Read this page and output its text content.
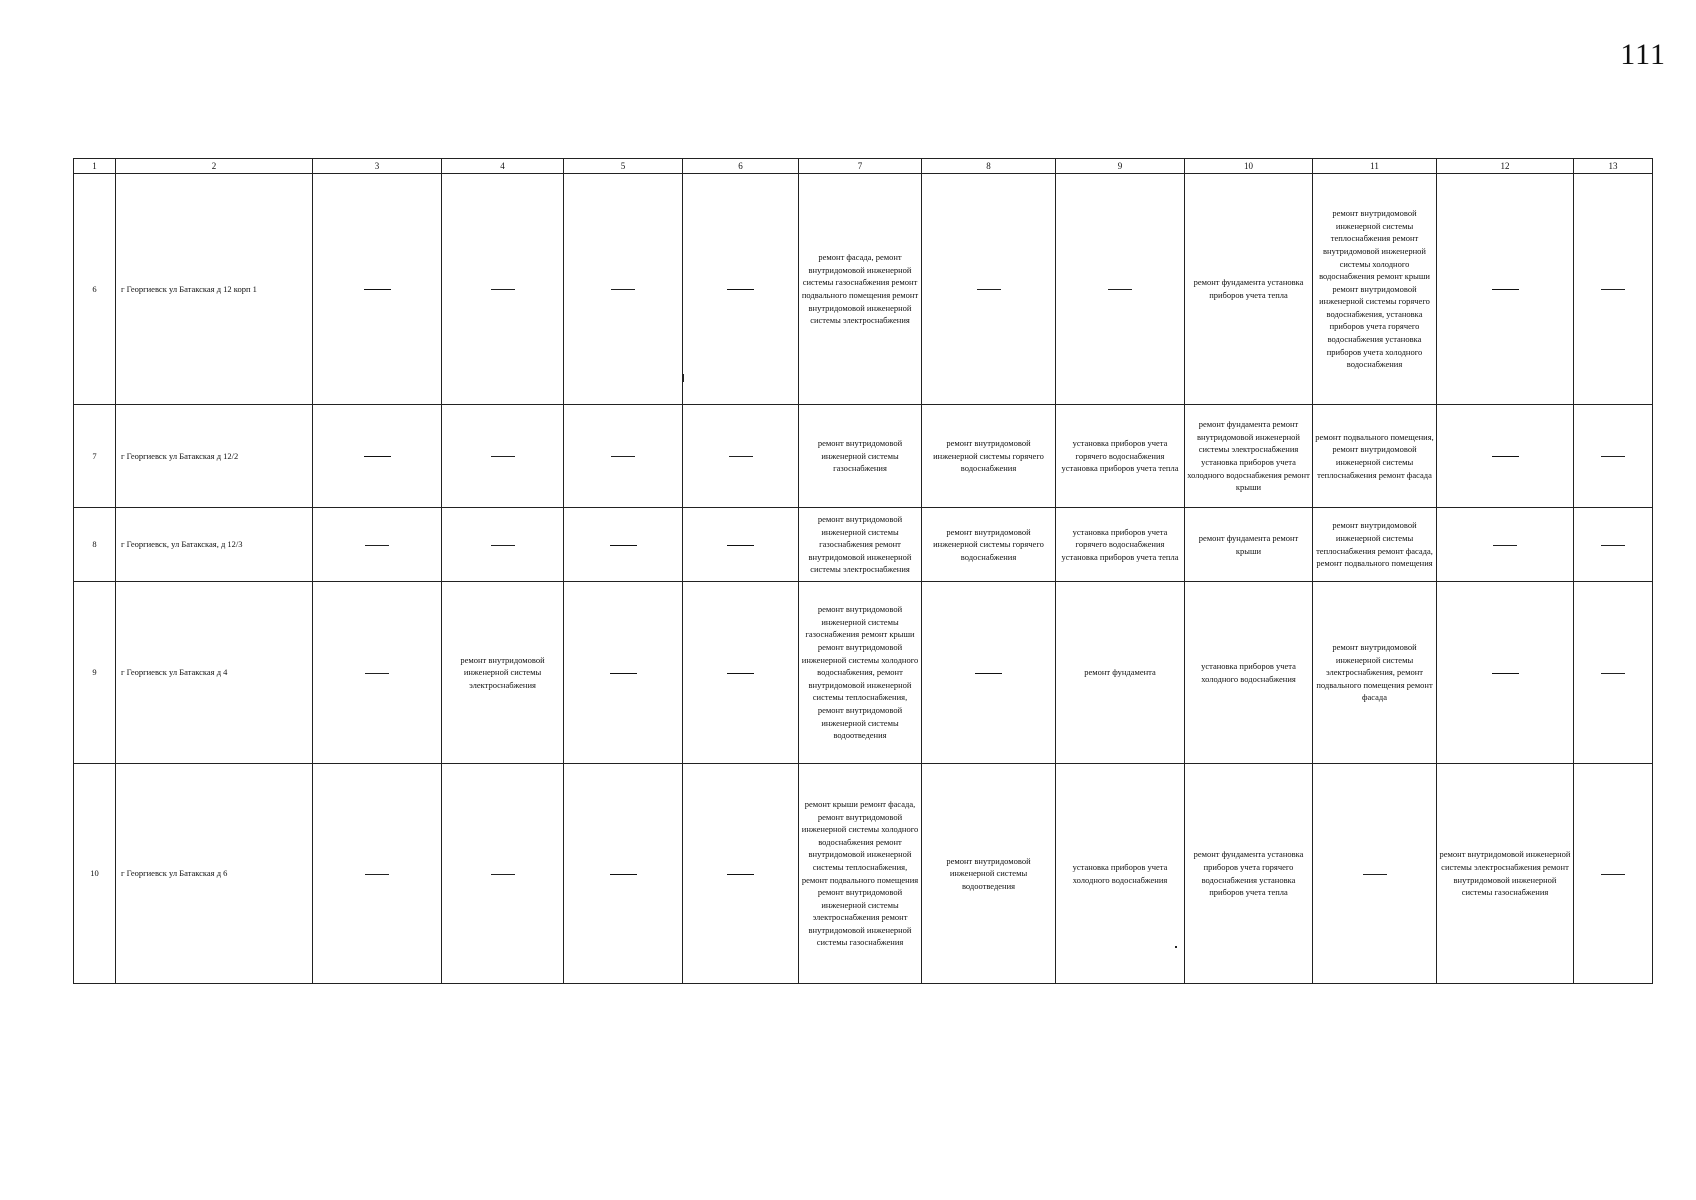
111
1	2	3	4	5	6	7	8	9	10	11	12	13
6	г Георгиевск ул Батакская д 12 корп 1					ремонт фасада, ремонт внутридомовой инженерной системы газоснабжения ремонт подвального помещения ремонт внутридомовой инженерной системы электроснабжения			ремонт фундамента установка приборов учета тепла	ремонт внутридомовой инженерной системы теплоснабжения ремонт внутридомовой инженерной системы холодного водоснабжения ремонт крыши ремонт внутридомовой инженерной системы горячего водоснабжения, установка приборов учета горячего водоснабжения установка приборов учета холодного водоснабжения		
7	г Георгиевск ул Батакская д 12/2					ремонт внутридомовой инженерной системы газоснабжения	ремонт внутридомовой инженерной системы горячего водоснабжения	установка приборов учета горячего водоснабжения установка приборов учета тепла	ремонт фундамента ремонт внутридомовой инженерной системы электроснабжения установка приборов учета холодного водоснабжения ремонт крыши	ремонт подвального помещения, ремонт внутридомовой инженерной системы теплоснабжения ремонт фасада		
8	г Георгиевск, ул Батакская, д 12/3					ремонт внутридомовой инженерной системы газоснабжения ремонт внутридомовой инженерной системы электроснабжения	ремонт внутридомовой инженерной системы горячего водоснабжения	установка приборов учета горячего водоснабжения установка приборов учета тепла	ремонт фундамента ремонт крыши	ремонт внутридомовой инженерной системы теплоснабжения ремонт фасада, ремонт подвального помещения		
9	г Георгиевск ул Батакская д 4		ремонт внутридомовой инженерной системы электроснабжения			ремонт внутридомовой инженерной системы газоснабжения ремонт крыши ремонт внутридомовой инженерной системы холодного водоснабжения, ремонт внутридомовой инженерной системы теплоснабжения, ремонт внутридомовой инженерной системы водоотведения		ремонт фундамента	установка приборов учета холодного водоснабжения	ремонт внутридомовой инженерной системы электроснабжения, ремонт подвального помещения ремонт фасада		
10	г Георгиевск ул Батакская д 6					ремонт крыши ремонт фасада, ремонт внутридомовой инженерной системы холодного водоснабжения ремонт внутридомовой инженерной системы теплоснабжения, ремонт подвального помещения ремонт внутридомовой инженерной системы электроснабжения ремонт внутридомовой инженерной системы газоснабжения	ремонт внутридомовой инженерной системы водоотведения	установка приборов учета холодного водоснабжения	ремонт фундамента установка приборов учета горячего водоснабжения установка приборов учета тепла		ремонт внутридомовой инженерной системы электроснабжения ремонт внутридомовой инженерной системы газоснабжения	
